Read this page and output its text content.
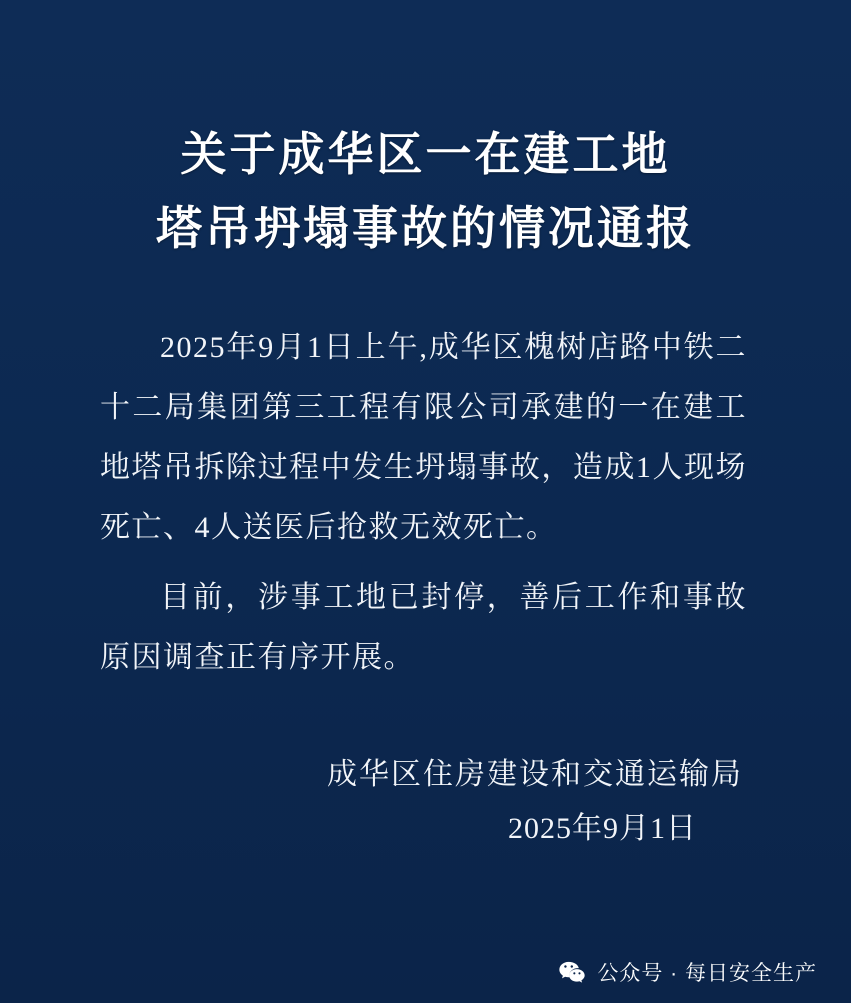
关于成华区一在建工地
塔吊坍塌事故的情况通报

2025年9月1日上午,成华区槐树店路中铁二十二局集团第三工程有限公司承建的一在建工地塔吊拆除过程中发生坍塌事故，造成1人现场死亡、4人送医后抢救无效死亡。

目前，涉事工地已封停，善后工作和事故原因调查正有序开展。

成华区住房建设和交通运输局
2025年9月1日
公众号 · 每日安全生产
